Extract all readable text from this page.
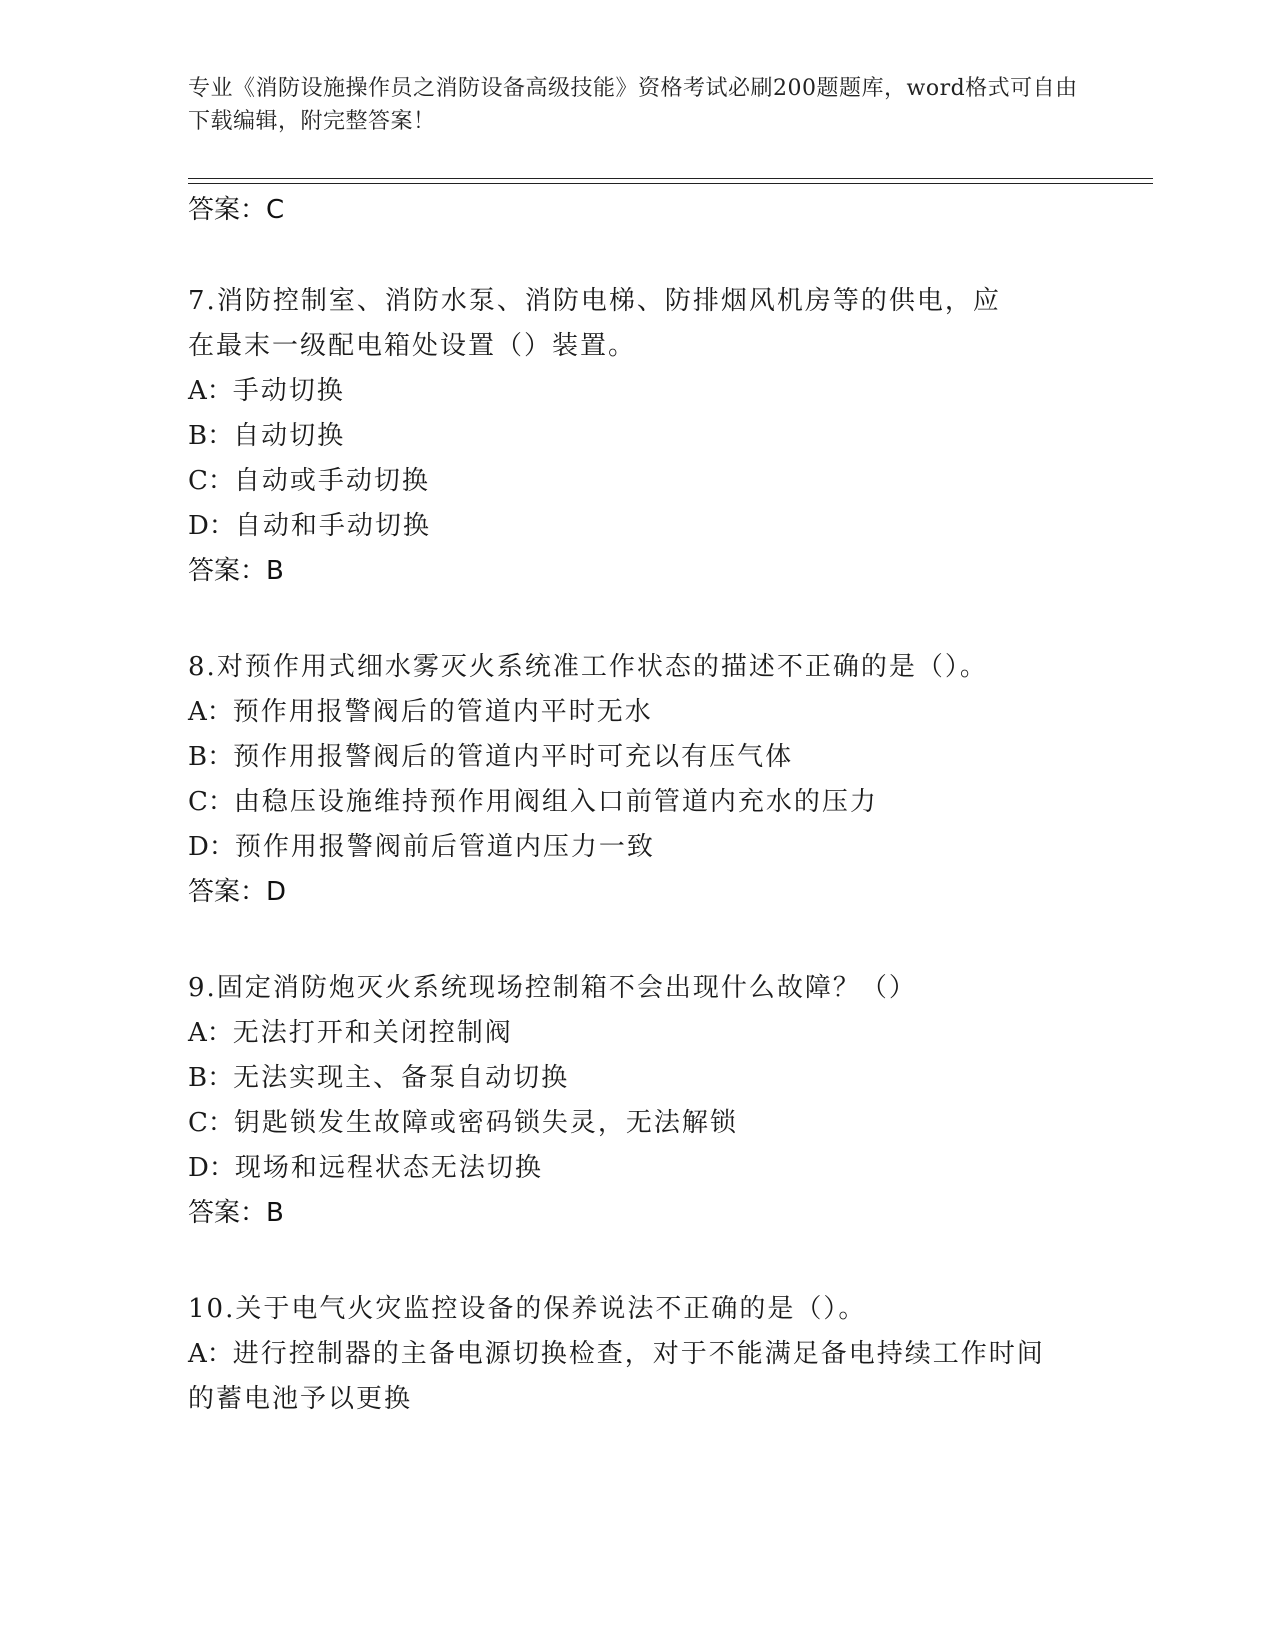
专业《消防设施操作员之消防设备高级技能》资格考试必刷200题题库，word格式可自由下载编辑，附完整答案！
答案：C
7.消防控制室、消防水泵、消防电梯、防排烟风机房等的供电，应在最末一级配电箱处设置（）装置。
A：手动切换
B：自动切换
C：自动或手动切换
D：自动和手动切换
答案：B
8.对预作用式细水雾灭火系统准工作状态的描述不正确的是（）。
A：预作用报警阀后的管道内平时无水
B：预作用报警阀后的管道内平时可充以有压气体
C：由稳压设施维持预作用阀组入口前管道内充水的压力
D：预作用报警阀前后管道内压力一致
答案：D
9.固定消防炮灭火系统现场控制箱不会出现什么故障？（）
A：无法打开和关闭控制阀
B：无法实现主、备泵自动切换
C：钥匙锁发生故障或密码锁失灵，无法解锁
D：现场和远程状态无法切换
答案：B
10.关于电气火灾监控设备的保养说法不正确的是（）。
A：进行控制器的主备电源切换检查，对于不能满足备电持续工作时间的蓄电池予以更换
